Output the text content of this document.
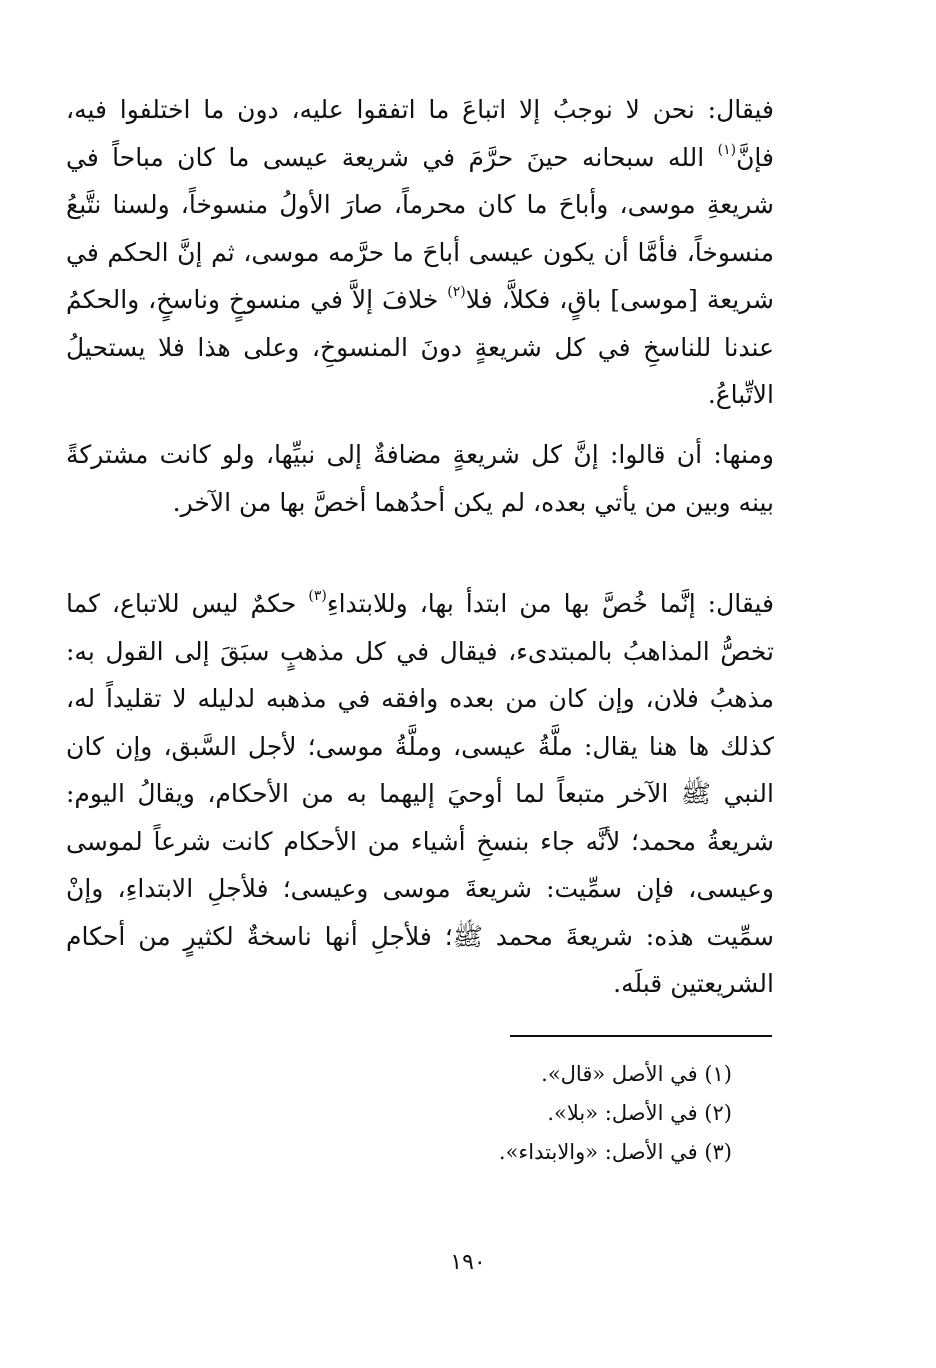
فيقال: نحن لا نوجبُ إلا اتباعَ ما اتفقوا عليه، دون ما اختلفوا فيه، فإنَّ$^{(١)}$ الله سبحانه حينَ حرَّمَ في شريعة عيسى ما كان مباحاً في شريعةِ موسى، وأباحَ ما كان محرماً، صارَ الأولُ منسوخاً، ولسنا نتَّبعُ منسوخاً، فأمَّا أن يكون عيسى أباحَ ما حرَّمه موسى، ثم إنَّ الحكم في شريعة [موسى] باقٍ، فكلاَّ، فلا$^{(٢)}$ خلافَ إلاَّ في منسوخٍ وناسخٍ، والحكمُ عندنا للناسخِ في كل شريعةٍ دونَ المنسوخِ، وعلى هذا فلا يستحيلُ الاتِّباعُ.

ومنها: أن قالوا: إنَّ كل شريعةٍ مضافةٌ إلى نبيِّها، ولو كانت مشتركةً بينه وبين من يأتي بعده، لم يكن أحدُهما أخصَّ بها من الآخر.

فيقال: إنَّما خُصَّ بها من ابتدأ بها، وللابتداءِ$^{(٣)}$ حكمٌ ليس للاتباع، كما تخصُّ المذاهبُ بالمبتدىء، فيقال في كل مذهبٍ سبَقَ إلى القول به: مذهبُ فلان، وإن كان من بعده وافقه في مذهبه لدليله لا تقليداً له، كذلك ها هنا يقال: ملَّةُ عيسى، وملَّةُ موسى؛ لأجل السَّبق، وإن كان النبي ﷺ الآخر متبعاً لما أوحيَ إليهما به من الأحكام، ويقالُ اليوم: شريعةُ محمد؛ لأنَّه جاء بنسخِ أشياء من الأحكام كانت شرعاً لموسى وعيسى، فإن سمِّيت: شريعةَ موسى وعيسى؛ فلأجلِ الابتداءِ، وإنْ سمِّيت هذه: شريعةَ محمد ﷺ؛ فلأجلِ أنها ناسخةٌ لكثيرٍ من أحكام الشريعتين قبلَه.

(١) في الأصل «قال».

(٢) في الأصل: «بلا».

(٣) في الأصل: «والابتداء».

١٩٠
